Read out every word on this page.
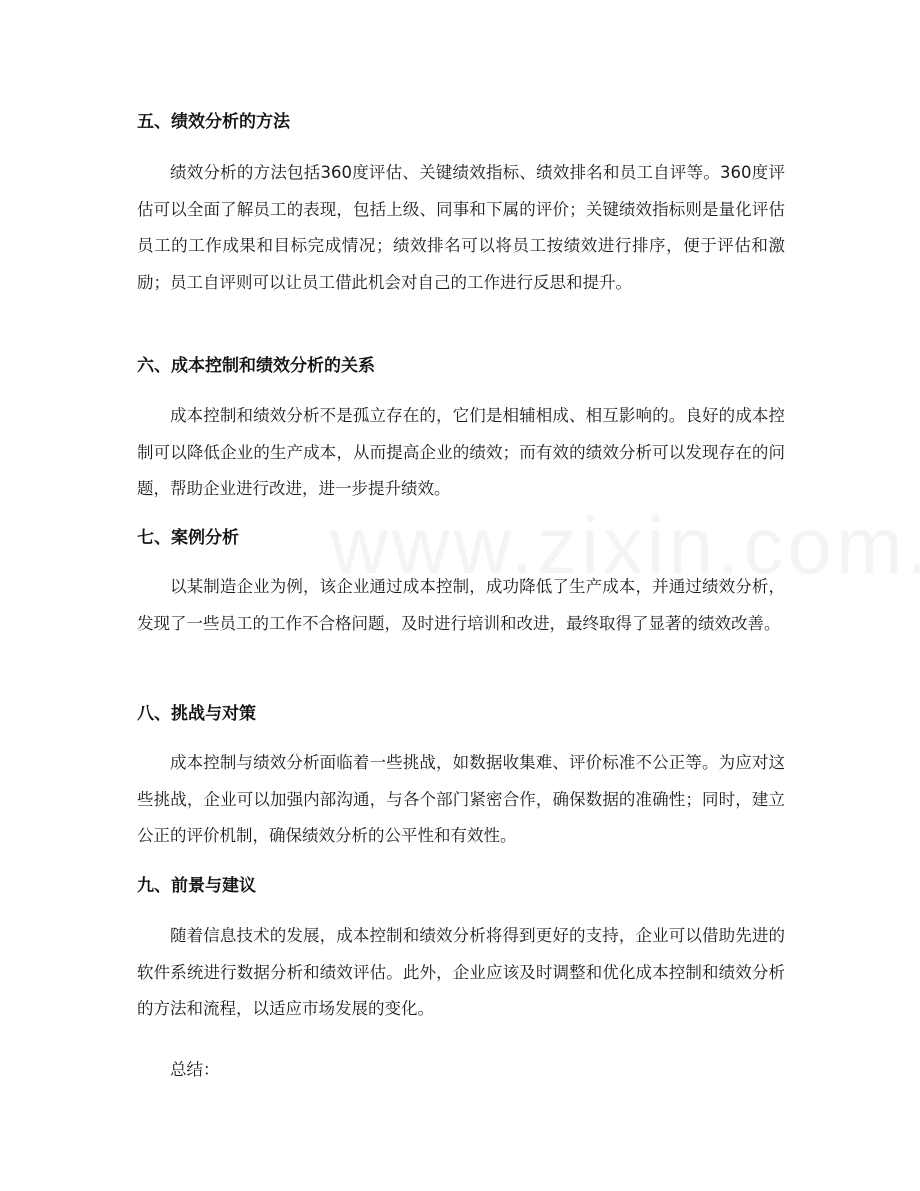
五、绩效分析的方法

绩效分析的方法包括360度评估、关键绩效指标、绩效排名和员工自评等。360度评估可以全面了解员工的表现，包括上级、同事和下属的评价；关键绩效指标则是量化评估员工的工作成果和目标完成情况；绩效排名可以将员工按绩效进行排序，便于评估和激励；员工自评则可以让员工借此机会对自己的工作进行反思和提升。

六、成本控制和绩效分析的关系

成本控制和绩效分析不是孤立存在的，它们是相辅相成、相互影响的。良好的成本控制可以降低企业的生产成本，从而提高企业的绩效；而有效的绩效分析可以发现存在的问题，帮助企业进行改进，进一步提升绩效。

七、案例分析

以某制造企业为例，该企业通过成本控制，成功降低了生产成本，并通过绩效分析，发现了一些员工的工作不合格问题，及时进行培训和改进，最终取得了显著的绩效改善。

八、挑战与对策

成本控制与绩效分析面临着一些挑战，如数据收集难、评价标准不公正等。为应对这些挑战，企业可以加强内部沟通，与各个部门紧密合作，确保数据的准确性；同时，建立公正的评价机制，确保绩效分析的公平性和有效性。

九、前景与建议

随着信息技术的发展，成本控制和绩效分析将得到更好的支持，企业可以借助先进的软件系统进行数据分析和绩效评估。此外，企业应该及时调整和优化成本控制和绩效分析的方法和流程，以适应市场发展的变化。

总结：
